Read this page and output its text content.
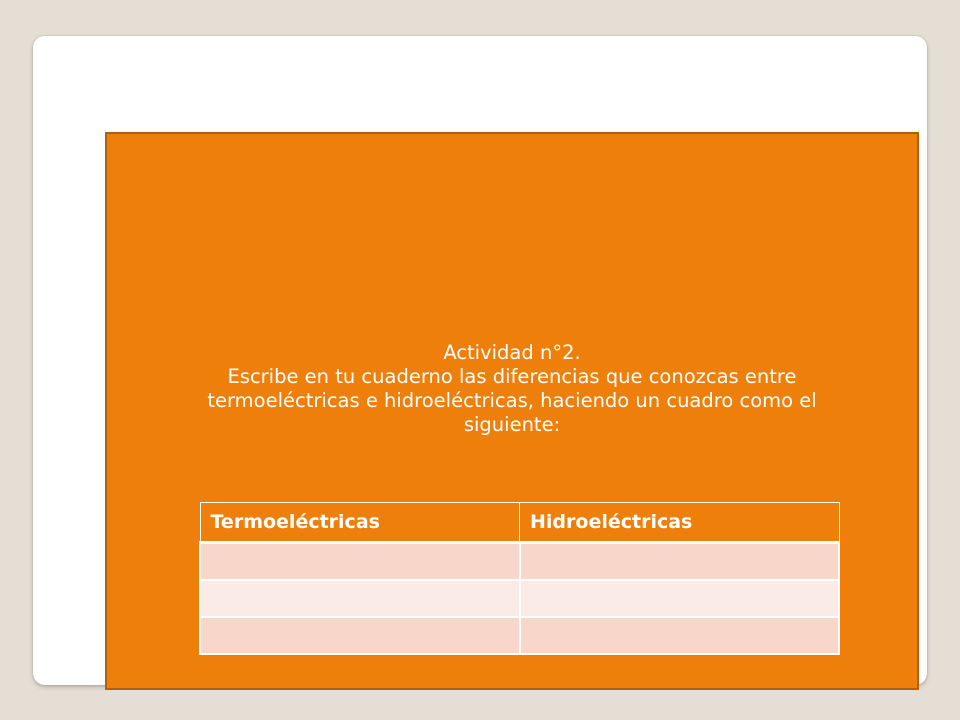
Actividad n°2.
Escribe en tu cuaderno las diferencias que conozcas entre
termoeléctricas e hidroeléctricas, haciendo un cuadro como el
siguiente:
Termoeléctricas	Hidroeléctricas
